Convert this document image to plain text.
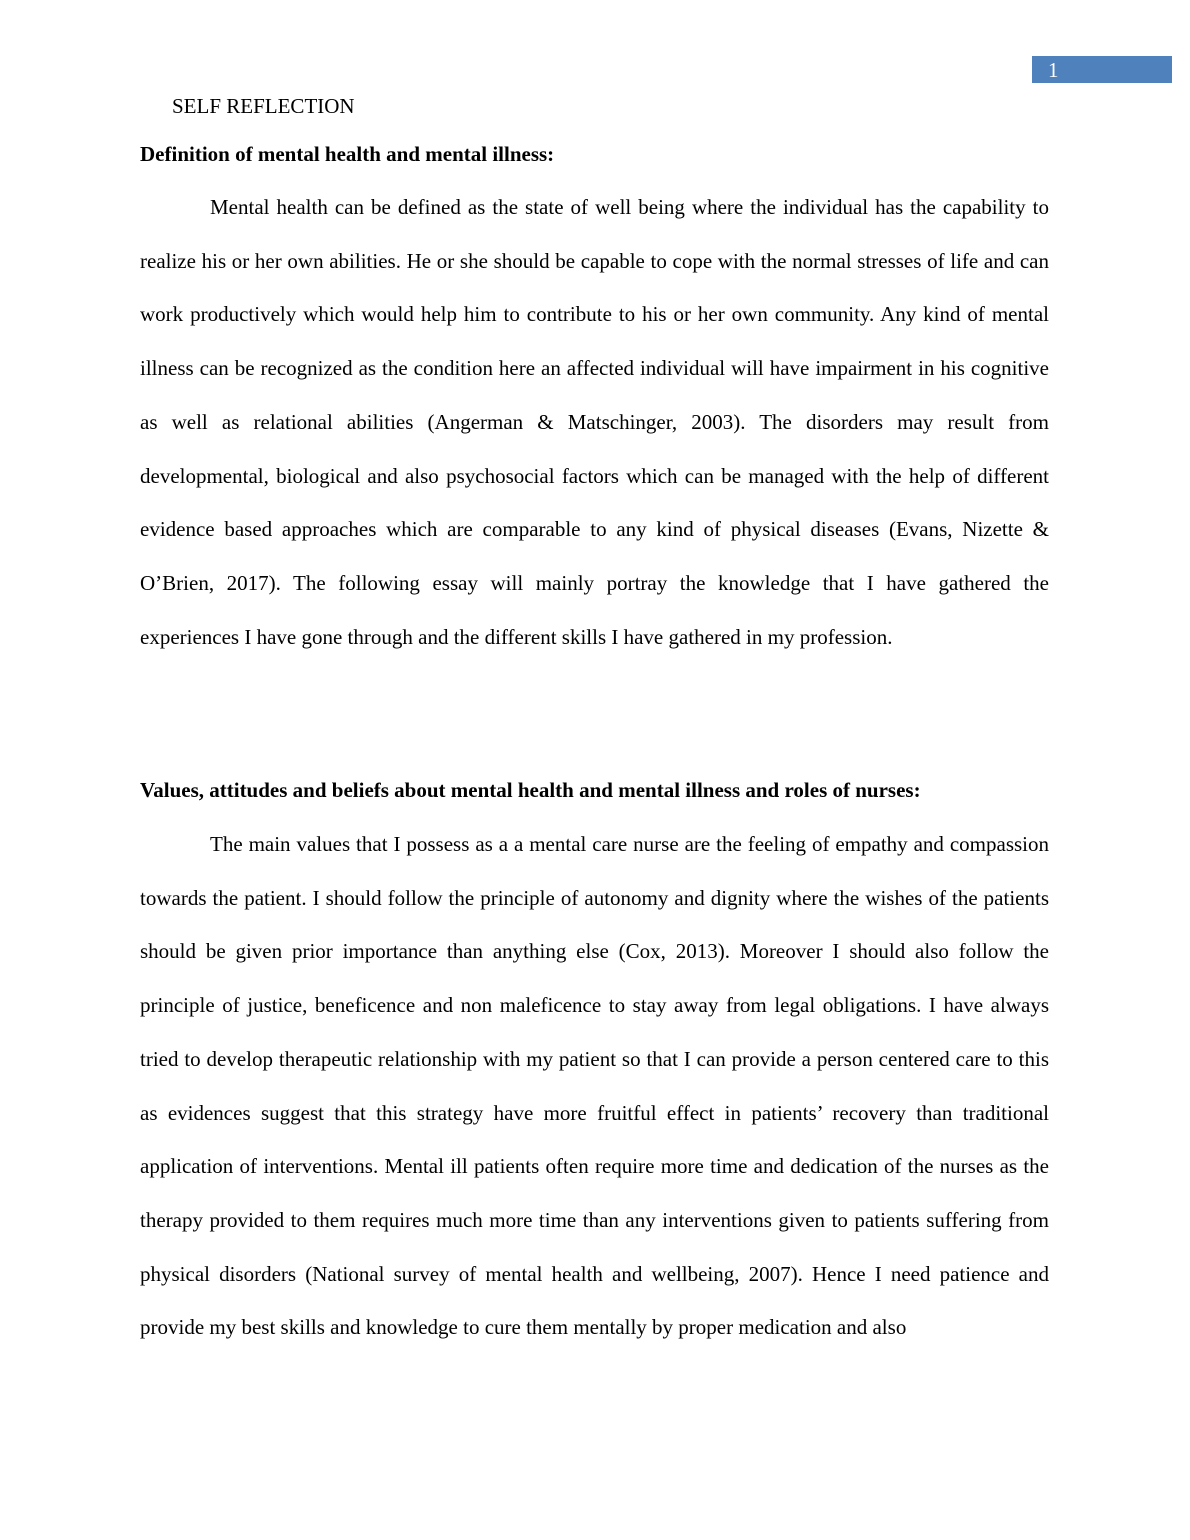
1

SELF REFLECTION

Definition of mental health and mental illness:

Mental health can be defined as the state of well being where the individual has the capability to realize his or her own abilities. He or she should be capable to cope with the normal stresses of life and can work productively which would help him to contribute to his or her own community. Any kind of mental illness can be recognized as the condition here an affected individual will have impairment in his cognitive as well as relational abilities (Angerman & Matschinger, 2003). The disorders may result from developmental, biological and also psychosocial factors which can be managed with the help of different evidence based approaches which are comparable to any kind of physical diseases (Evans, Nizette & O’Brien, 2017). The following essay will mainly portray the knowledge that I have gathered the experiences I have gone through and the different skills I have gathered in my profession.

Values, attitudes and beliefs about mental health and mental illness and roles of nurses:

The main values that I possess as a a mental care nurse are the feeling of empathy and compassion towards the patient. I should follow the principle of autonomy and dignity where the wishes of the patients should be given prior importance than anything else (Cox, 2013). Moreover I should also follow the principle of justice, beneficence and non maleficence to stay away from legal obligations. I have always tried to develop therapeutic relationship with my patient so that I can provide a person centered care to this as evidences suggest that this strategy have more fruitful effect in patients’ recovery than traditional application of interventions. Mental ill patients often require more time and dedication of the nurses as the therapy provided to them requires much more time than any interventions given to patients suffering from physical disorders (National survey of mental health and wellbeing, 2007). Hence I need patience and provide my best skills and knowledge to cure them mentally by proper medication and also
